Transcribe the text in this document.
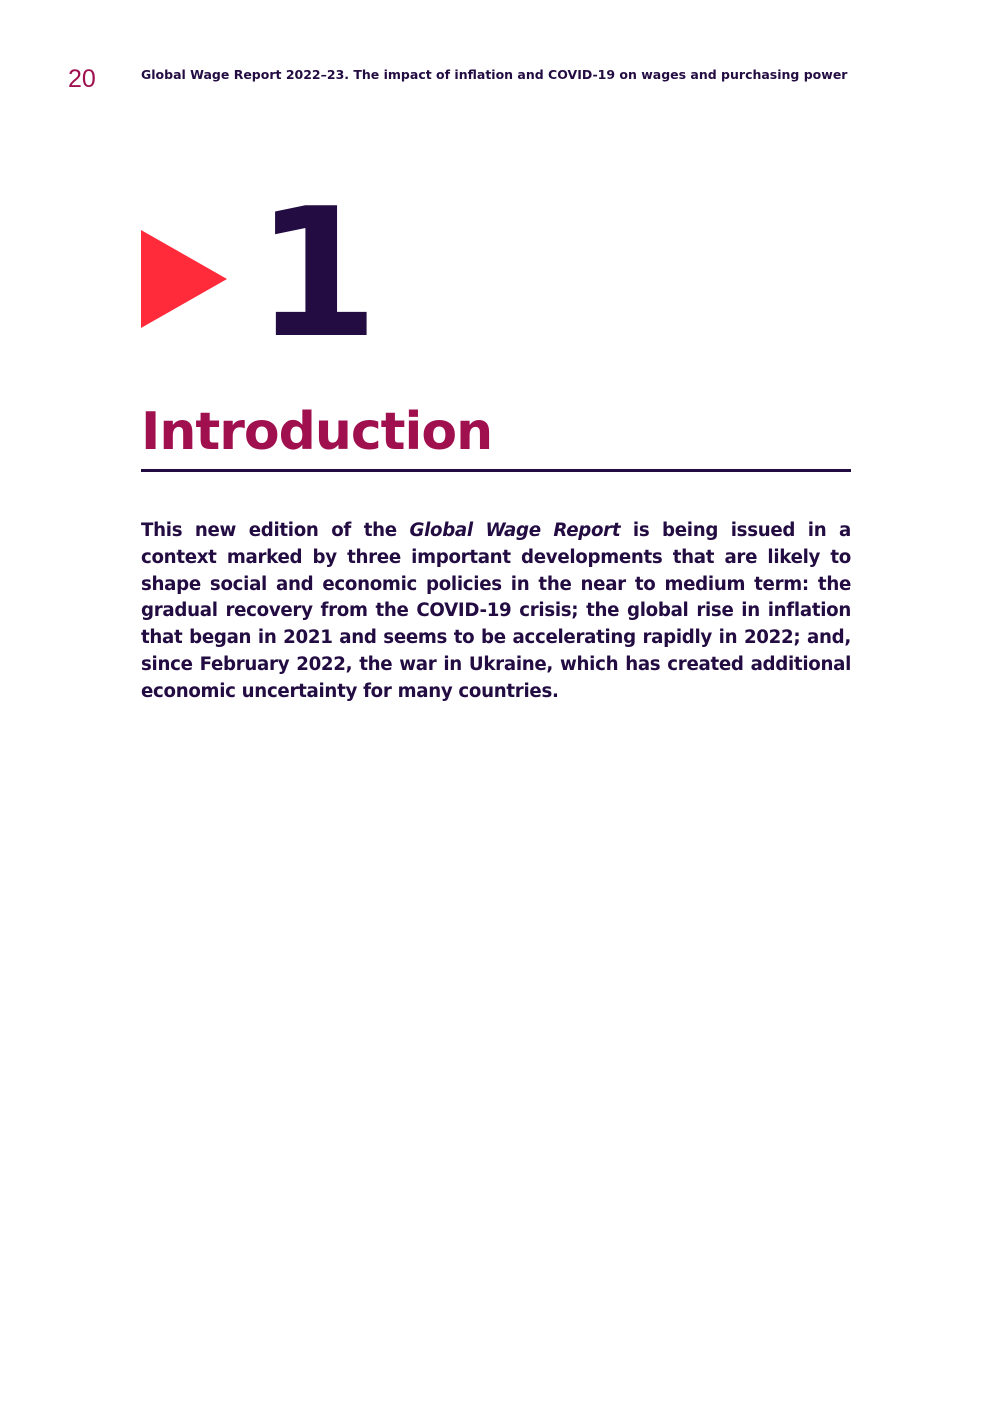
20	Global Wage Report 2022–23. The impact of inflation and COVID-19 on wages and purchasing power
1
Introduction

This new edition of the Global Wage Report is being issued in a context marked by three important developments that are likely to shape social and economic policies in the near to medium term: the gradual recovery from the COVID-19 crisis; the global rise in inflation that began in 2021 and seems to be accelerating rapidly in 2022; and, since February 2022, the war in Ukraine, which has created additional economic uncertainty for many countries.
